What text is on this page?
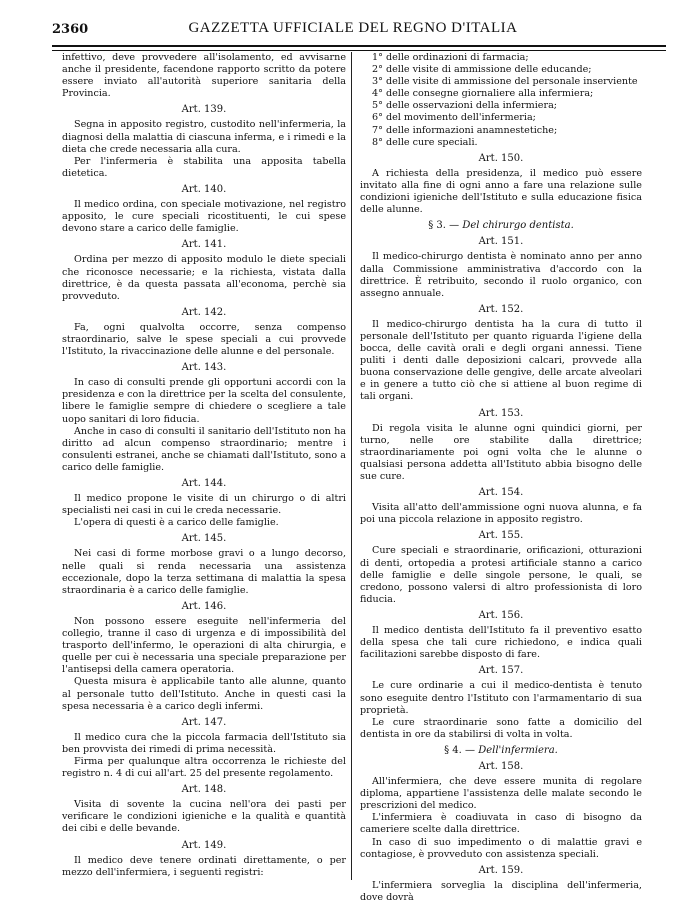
2360	GAZZETTA UFFICIALE DEL REGNO D'ITALIA

infettivo, deve provvedere all'isolamento, ed avvisarne anche il presidente, facendone rapporto scritto da potere essere inviato all'autorità superiore sanitaria della Provincia.

Art. 139.

Segna in apposito registro, custodito nell'infermeria, la diagnosi della malattia di ciascuna inferma, e i rimedi e la dieta che crede necessaria alla cura.

Per l'infermeria è stabilita una apposita tabella dietetica.

Art. 140.

Il medico ordina, con speciale motivazione, nel registro apposito, le cure speciali ricostituenti, le cui spese devono stare a carico delle famiglie.

Art. 141.

Ordina per mezzo di apposito modulo le diete speciali che riconosce necessarie; e la richiesta, vistata dalla direttrice, è da questa passata all'economa, perchè sia provveduto.

Art. 142.

Fa, ogni qualvolta occorre, senza compenso straordinario, salve le spese speciali a cui provvede l'Istituto, la rivaccinazione delle alunne e del personale.

Art. 143.

In caso di consulti prende gli opportuni accordi con la presidenza e con la direttrice per la scelta del consulente, libere le famiglie sempre di chiedere o scegliere a tale uopo sanitari di loro fiducia.

Anche in caso di consulti il sanitario dell'Istituto non ha diritto ad alcun compenso straordinario; mentre i consulenti estranei, anche se chiamati dall'Istituto, sono a carico delle famiglie.

Art. 144.

Il medico propone le visite di un chirurgo o di altri specialisti nei casi in cui le creda necessarie.

L'opera di questi è a carico delle famiglie.

Art. 145.

Nei casi di forme morbose gravi o a lungo decorso, nelle quali si renda necessaria una assistenza eccezionale, dopo la terza settimana di malattia la spesa straordinaria è a carico delle famiglie.

Art. 146.

Non possono essere eseguite nell'infermeria del collegio, tranne il caso di urgenza e di impossibilità del trasporto dell'infermo, le operazioni di alta chirurgia, e quelle per cui è necessaria una speciale preparazione per l'antisepsi della camera operatoria.

Questa misura è applicabile tanto alle alunne, quanto al personale tutto dell'Istituto. Anche in questi casi la spesa necessaria è a carico degli infermi.

Art. 147.

Il medico cura che la piccola farmacia dell'Istituto sia ben provvista dei rimedi di prima necessità.

Firma per qualunque altra occorrenza le richieste del registro n. 4 di cui all'art. 25 del presente regolamento.

Art. 148.

Visita di sovente la cucina nell'ora dei pasti per verificare le condizioni igieniche e la qualità e quantità dei cibi e delle bevande.

Art. 149.

Il medico deve tenere ordinati direttamente, o per mezzo dell'infermiera, i seguenti registri:

1° delle ordinazioni di farmacia;

2° delle visite di ammissione delle educande;

3° delle visite di ammissione del personale inserviente

4° delle consegne giornaliere alla infermiera;

5° delle osservazioni della infermiera;

6° del movimento dell'infermeria;

7° delle informazioni anamnestetiche;

8° delle cure speciali.

Art. 150.

A richiesta della presidenza, il medico può essere invitato alla fine di ogni anno a fare una relazione sulle condizioni igieniche dell'Istituto e sulla educazione fisica delle alunne.

§ 3. — Del chirurgo dentista.
Art. 151.

Il medico-chirurgo dentista è nominato anno per anno dalla Commissione amministrativa d'accordo con la direttrice. È retribuito, secondo il ruolo organico, con assegno annuale.

Art. 152.

Il medico-chirurgo dentista ha la cura di tutto il personale dell'Istituto per quanto riguarda l'igiene della bocca, delle cavità orali e degli organi annessi. Tiene puliti i denti dalle deposizioni calcari, provvede alla buona conservazione delle gengive, delle arcate alveolari e in genere a tutto ciò che si attiene al buon regime di tali organi.

Art. 153.

Di regola visita le alunne ogni quindici giorni, per turno, nelle ore stabilite dalla direttrice; straordinariamente poi ogni volta che le alunne o qualsiasi persona addetta all'Istituto abbia bisogno delle sue cure.

Art. 154.

Visita all'atto dell'ammissione ogni nuova alunna, e fa poi una piccola relazione in apposito registro.

Art. 155.

Cure speciali e straordinarie, orificazioni, otturazioni di denti, ortopedia a protesi artificiale stanno a carico delle famiglie e delle singole persone, le quali, se credono, possono valersi di altro professionista di loro fiducia.

Art. 156.

Il medico dentista dell'Istituto fa il preventivo esatto della spesa che tali cure richiedono, e indica quali facilitazioni sarebbe disposto di fare.

Art. 157.

Le cure ordinarie a cui il medico-dentista è tenuto sono eseguite dentro l'Istituto con l'armamentario di sua proprietà.

Le cure straordinarie sono fatte a domicilio del dentista in ore da stabilirsi di volta in volta.

§ 4. — Dell'infermiera.
Art. 158.

All'infermiera, che deve essere munita di regolare diploma, appartiene l'assistenza delle malate secondo le prescrizioni del medico.

L'infermiera è coadiuvata in caso di bisogno da cameriere scelte dalla direttrice.

In caso di suo impedimento o di malattie gravi e contagiose, è provveduto con assistenza speciali.

Art. 159.

L'infermiera sorveglia la disciplina dell'infermeria, dove dovrà
